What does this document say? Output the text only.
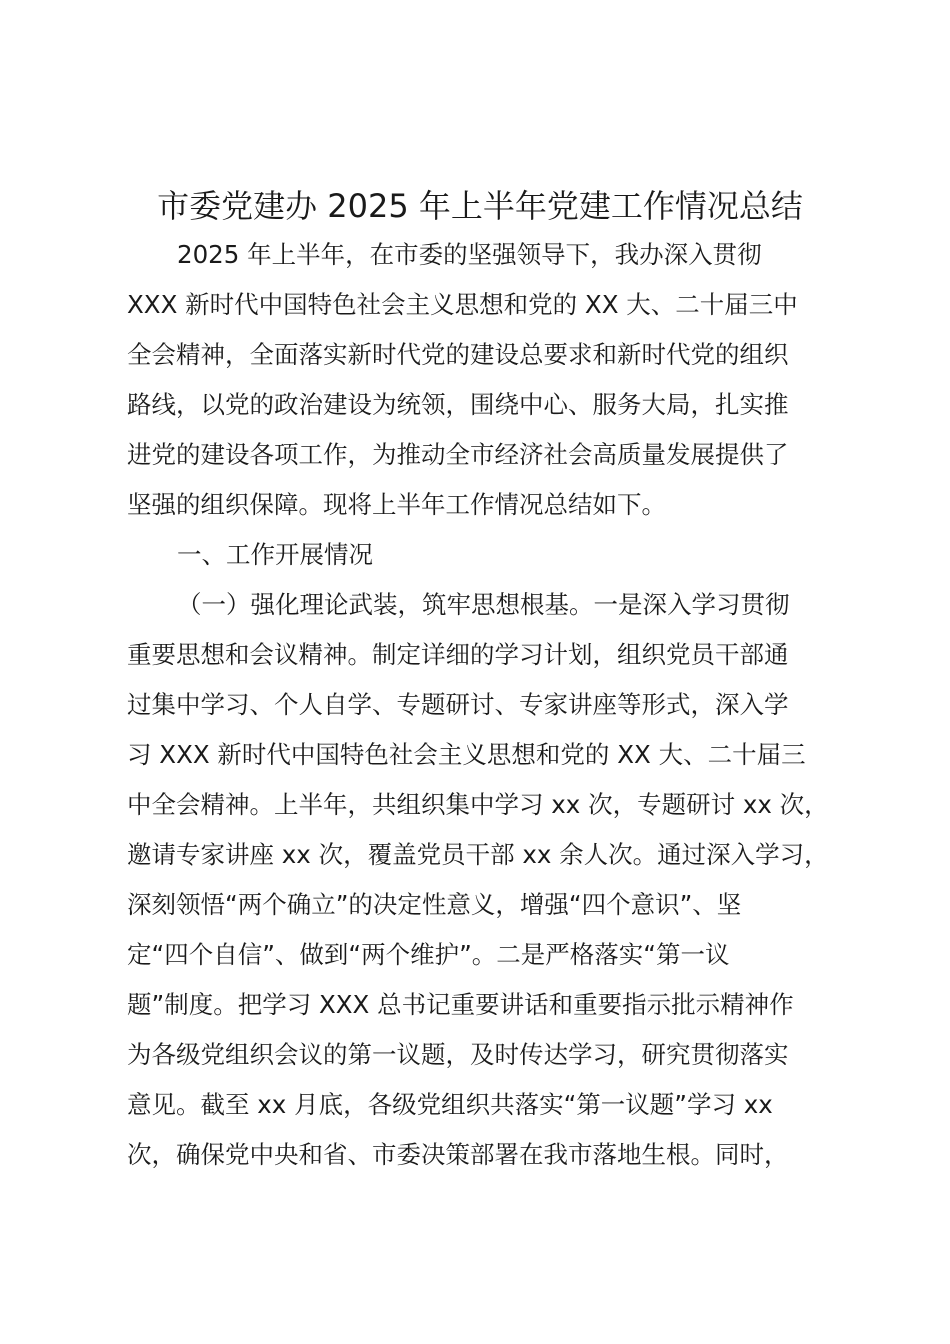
市委党建办 2025 年上半年党建工作情况总结
2025 年上半年，在市委的坚强领导下，我办深入贯彻
XXX 新时代中国特色社会主义思想和党的 XX 大、二十届三中
全会精神，全面落实新时代党的建设总要求和新时代党的组织
路线，以党的政治建设为统领，围绕中心、服务大局，扎实推
进党的建设各项工作，为推动全市经济社会高质量发展提供了
坚强的组织保障。现将上半年工作情况总结如下。
一、工作开展情况
（一）强化理论武装，筑牢思想根基。一是深入学习贯彻
重要思想和会议精神。制定详细的学习计划，组织党员干部通
过集中学习、个人自学、专题研讨、专家讲座等形式，深入学
习 XXX 新时代中国特色社会主义思想和党的 XX 大、二十届三
中全会精神。上半年，共组织集中学习 xx 次，专题研讨 xx 次，
邀请专家讲座 xx 次，覆盖党员干部 xx 余人次。通过深入学习，
深刻领悟“两个确立”的决定性意义，增强“四个意识”、坚
定“四个自信”、做到“两个维护”。二是严格落实“第一议
题”制度。把学习 XXX 总书记重要讲话和重要指示批示精神作
为各级党组织会议的第一议题，及时传达学习，研究贯彻落实
意见。截至 xx 月底，各级党组织共落实“第一议题”学习 xx
次，确保党中央和省、市委决策部署在我市落地生根。同时，
